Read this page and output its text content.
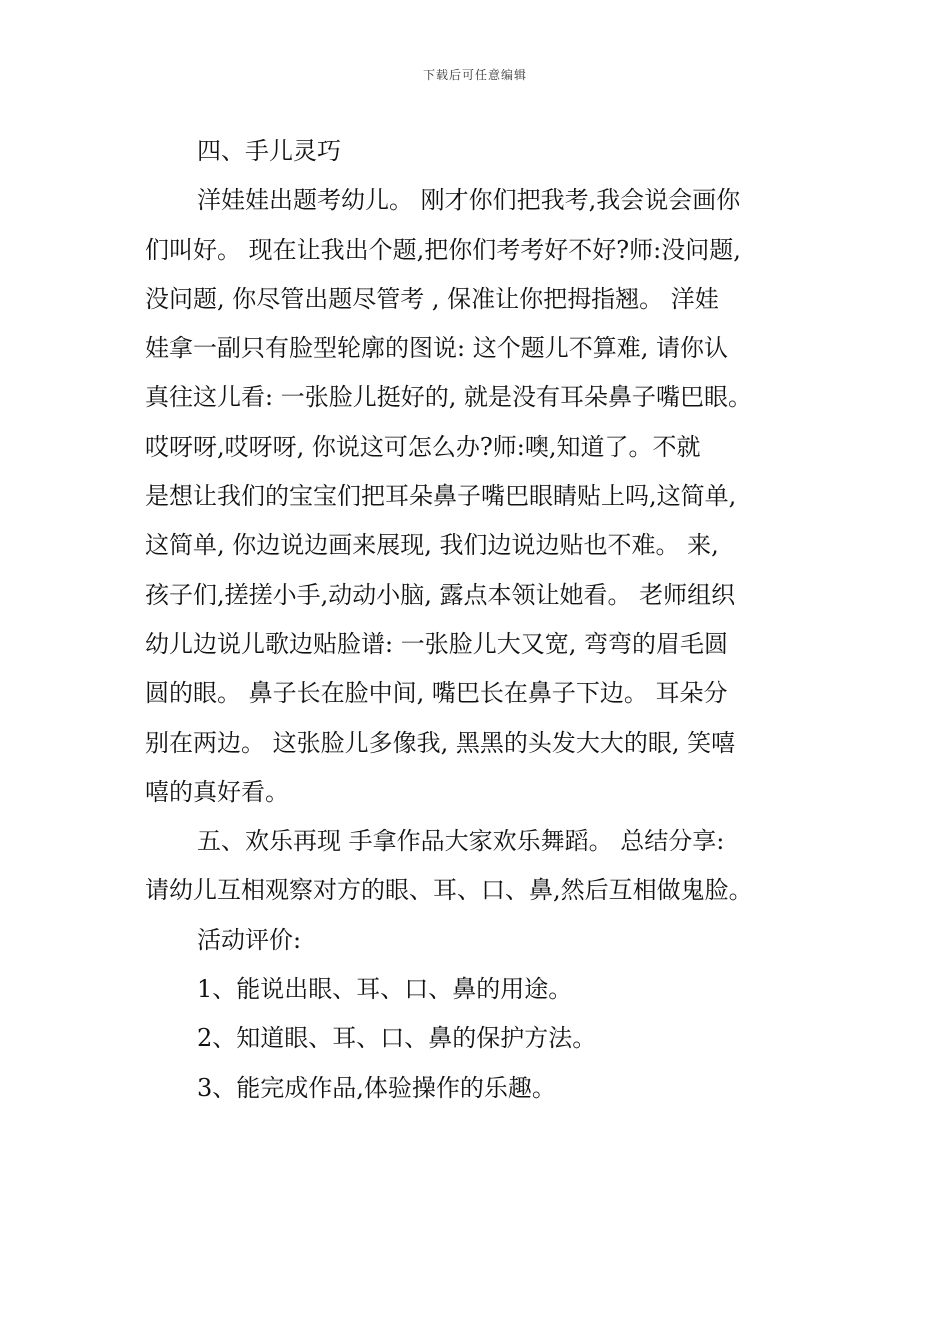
下载后可任意编辑
四、手儿灵巧
洋娃娃出题考幼儿。 刚才你们把我考,我会说会画你
们叫好。 现在让我出个题,把你们考考好不好?师:没问题,
没问题, 你尽管出题尽管考 , 保准让你把拇指翘。 洋娃
娃拿一副只有脸型轮廓的图说: 这个题儿不算难, 请你认
真往这儿看: 一张脸儿挺好的, 就是没有耳朵鼻子嘴巴眼。
哎呀呀,哎呀呀, 你说这可怎么办?师:噢,知道了。不就
是想让我们的宝宝们把耳朵鼻子嘴巴眼睛贴上吗,这简单,
这简单, 你边说边画来展现, 我们边说边贴也不难。 来,
孩子们,搓搓小手,动动小脑, 露点本领让她看。 老师组织
幼儿边说儿歌边贴脸谱: 一张脸儿大又宽, 弯弯的眉毛圆
圆的眼。 鼻子长在脸中间, 嘴巴长在鼻子下边。 耳朵分
别在两边。 这张脸儿多像我, 黑黑的头发大大的眼, 笑嘻
嘻的真好看。
五、欢乐再现 手拿作品大家欢乐舞蹈。 总结分享:
请幼儿互相观察对方的眼、耳、口、鼻,然后互相做鬼脸。
活动评价:
1、能说出眼、耳、口、鼻的用途。
2、知道眼、耳、口、鼻的保护方法。
3、能完成作品,体验操作的乐趣。
